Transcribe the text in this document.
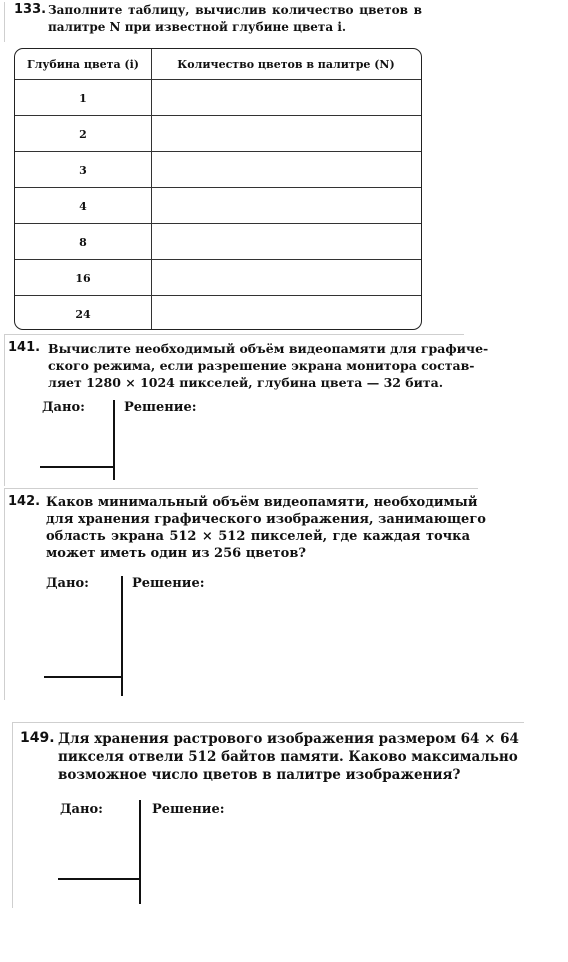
133. Заполните таблицу, вычислив количество цветов в
палитре N при известной глубине цвета i.
Глубина цвета (i)	Количество цветов в палитре (N)
1
2
3
4
8
16
24
141. Вычислите необходимый объём видеопамяти для графиче-
ского режима, если разрешение экрана монитора состав-
ляет 1280 × 1024 пикселей, глубина цвета — 32 бита.
Дано:	Решение:
142. Каков минимальный объём видеопамяти, необходимый
для хранения графического изображения, занимающего
область экрана 512 × 512 пикселей, где каждая точка
может иметь один из 256 цветов?
Дано:	Решение:
149. Для хранения растрового изображения размером 64 × 64
пикселя отвели 512 байтов памяти. Каково максимально
возможное число цветов в палитре изображения?
Дано:	Решение:
